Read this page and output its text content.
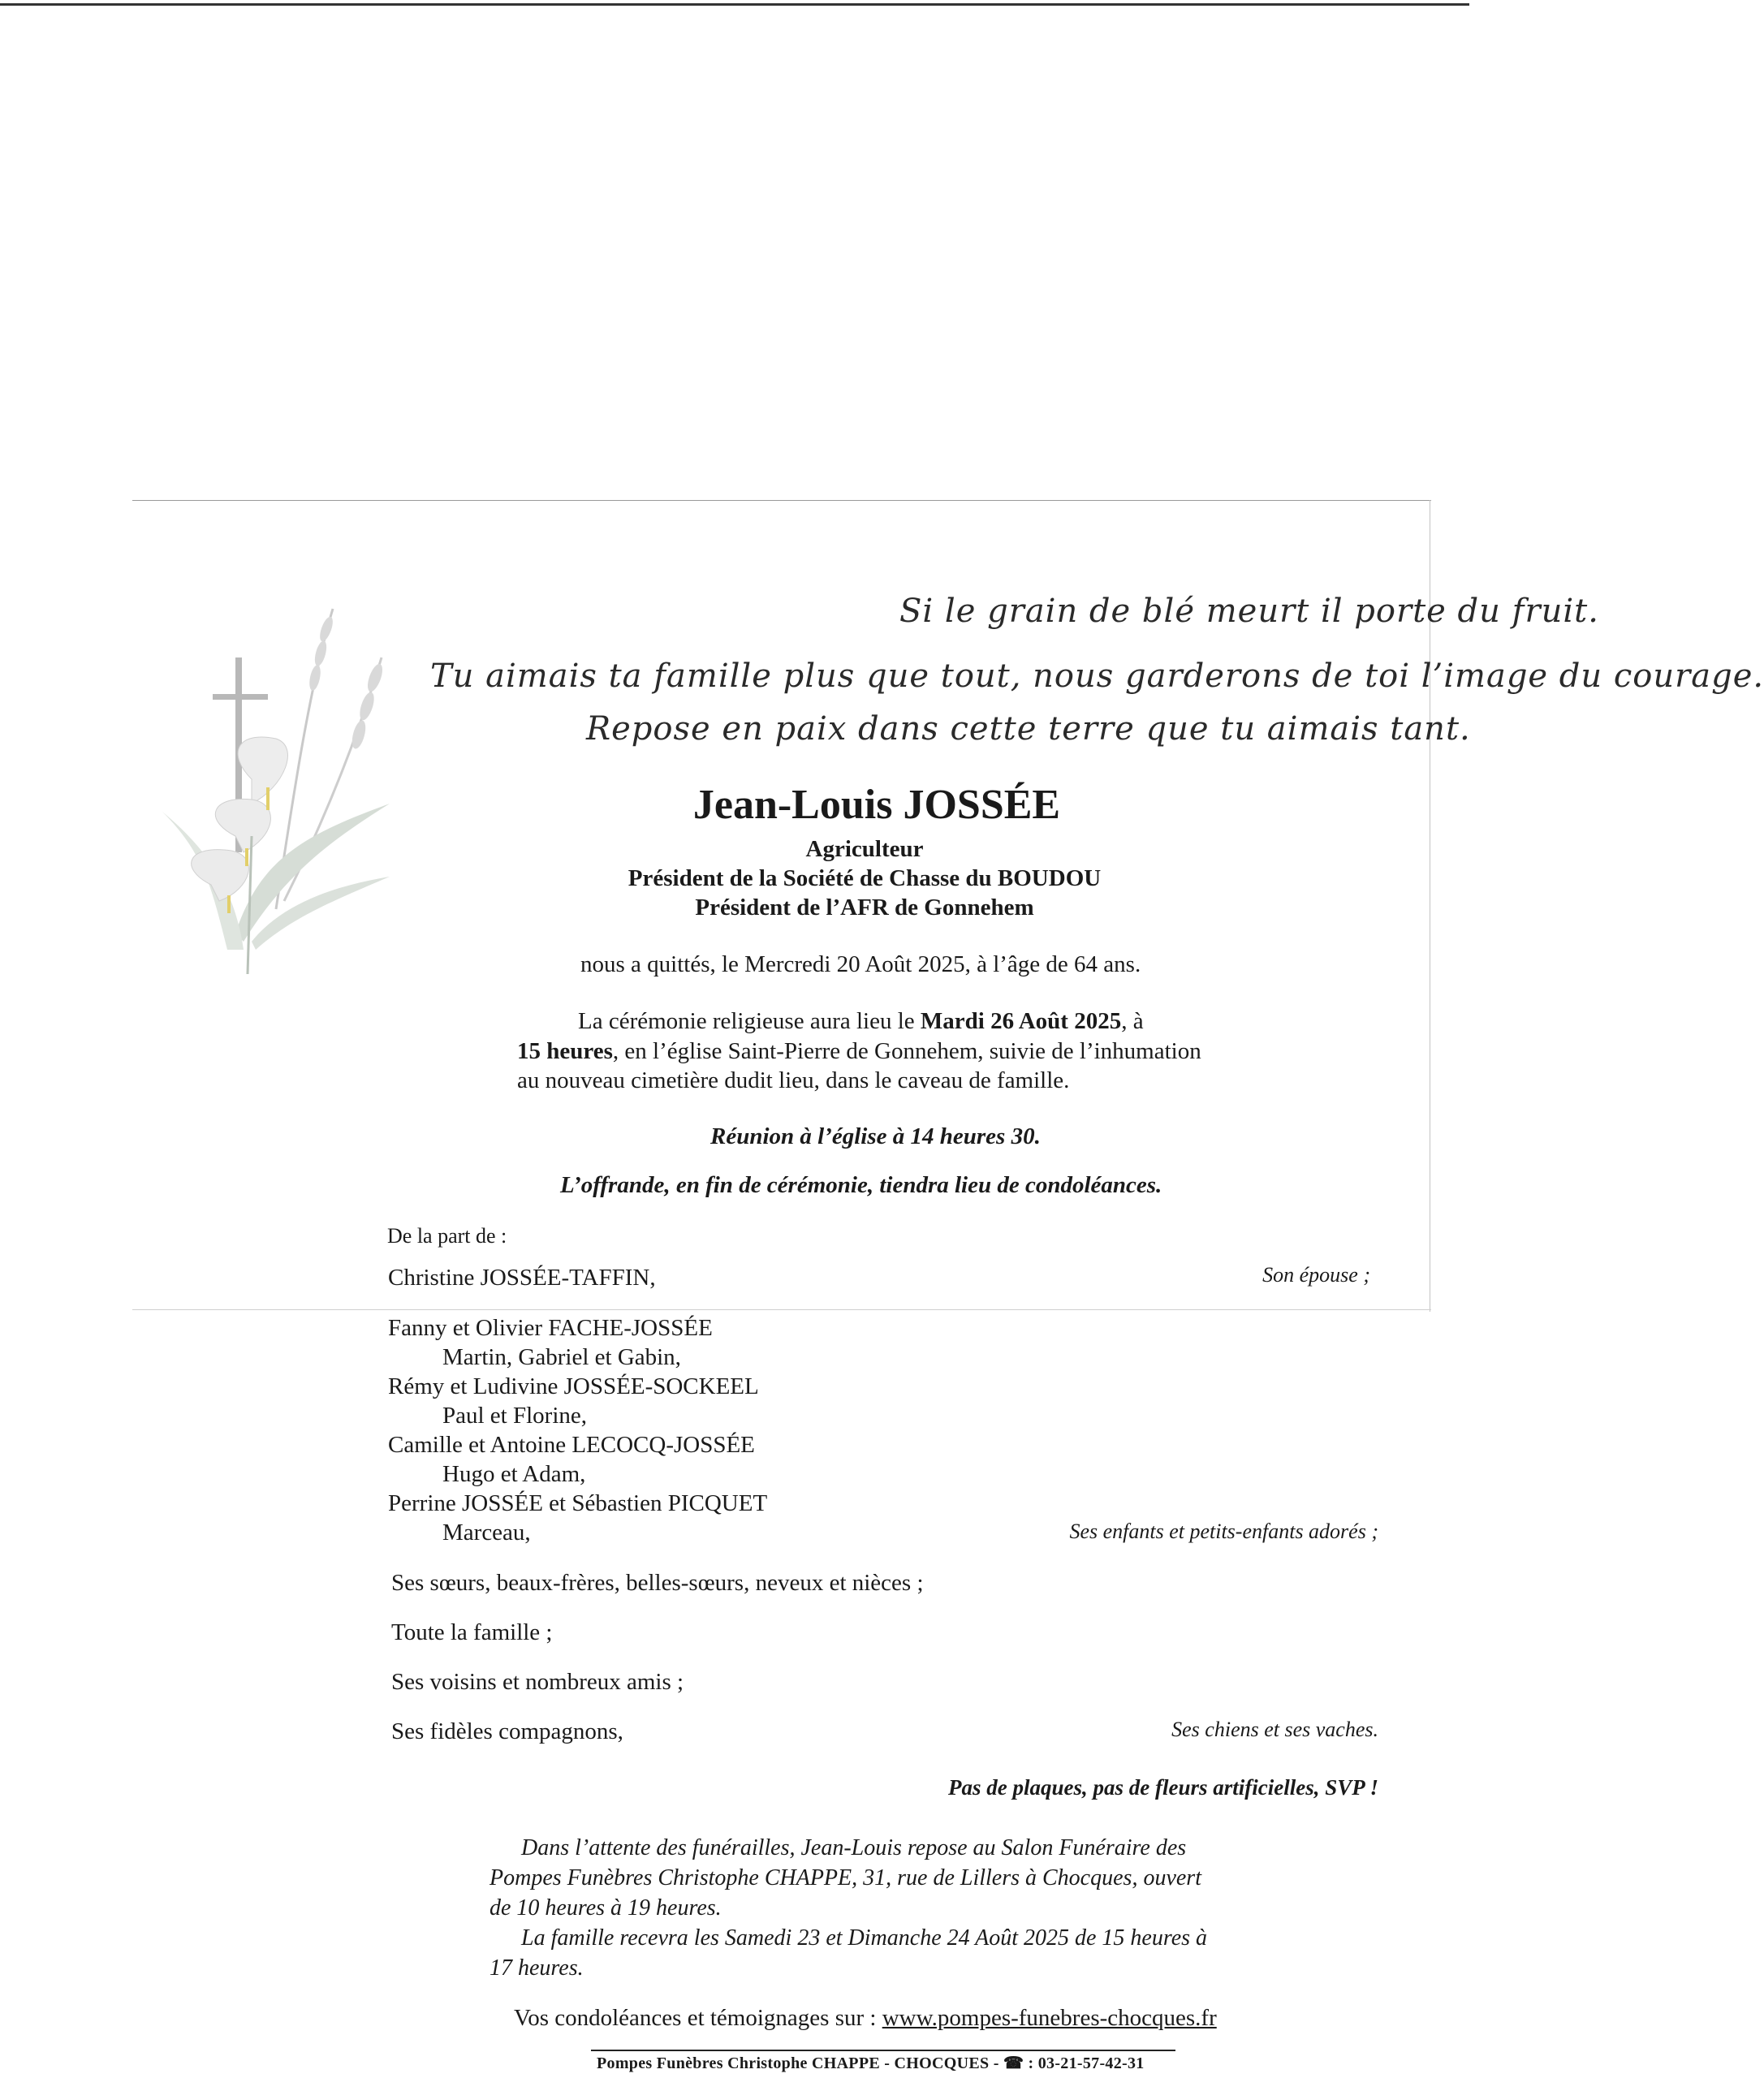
Si le grain de blé meurt il porte du fruit.
Tu aimais ta famille plus que tout, nous garderons de toi l’image du courage.
Repose en paix dans cette terre que tu aimais tant.
Jean-Louis JOSSÉE
Agriculteur
Président de la Société de Chasse du BOUDOU
Président de l’AFR de Gonnehem
nous a quittés, le Mercredi 20 Août 2025, à l’âge de 64 ans.
La cérémonie religieuse aura lieu le Mardi 26 Août 2025, à
15 heures, en l’église Saint-Pierre de Gonnehem, suivie de l’inhumation
au nouveau cimetière dudit lieu, dans le caveau de famille.
Réunion à l’église à 14 heures 30.
L’offrande, en fin de cérémonie, tiendra lieu de condoléances.
De la part de :
Christine JOSSÉE-TAFFIN,	Son épouse ;
Fanny et Olivier FACHE-JOSSÉE
Martin, Gabriel et Gabin,
Rémy et Ludivine JOSSÉE-SOCKEEL
Paul et Florine,
Camille et Antoine LECOCQ-JOSSÉE
Hugo et Adam,
Perrine JOSSÉE et Sébastien PICQUET
Marceau,	Ses enfants et petits-enfants adorés ;
Ses sœurs, beaux-frères, belles-sœurs, neveux et nièces ;
Toute la famille ;
Ses voisins et nombreux amis ;
Ses fidèles compagnons,	Ses chiens et ses vaches.
Pas de plaques, pas de fleurs artificielles, SVP !
Dans l’attente des funérailles, Jean-Louis repose au Salon Funéraire des
Pompes Funèbres Christophe CHAPPE, 31, rue de Lillers à Chocques, ouvert
de 10 heures à 19 heures.
La famille recevra les Samedi 23 et Dimanche 24 Août 2025 de 15 heures à
17 heures.
Vos condoléances et témoignages sur : www.pompes-funebres-chocques.fr
Pompes Funèbres Christophe CHAPPE - CHOCQUES - ☎ : 03-21-57-42-31
